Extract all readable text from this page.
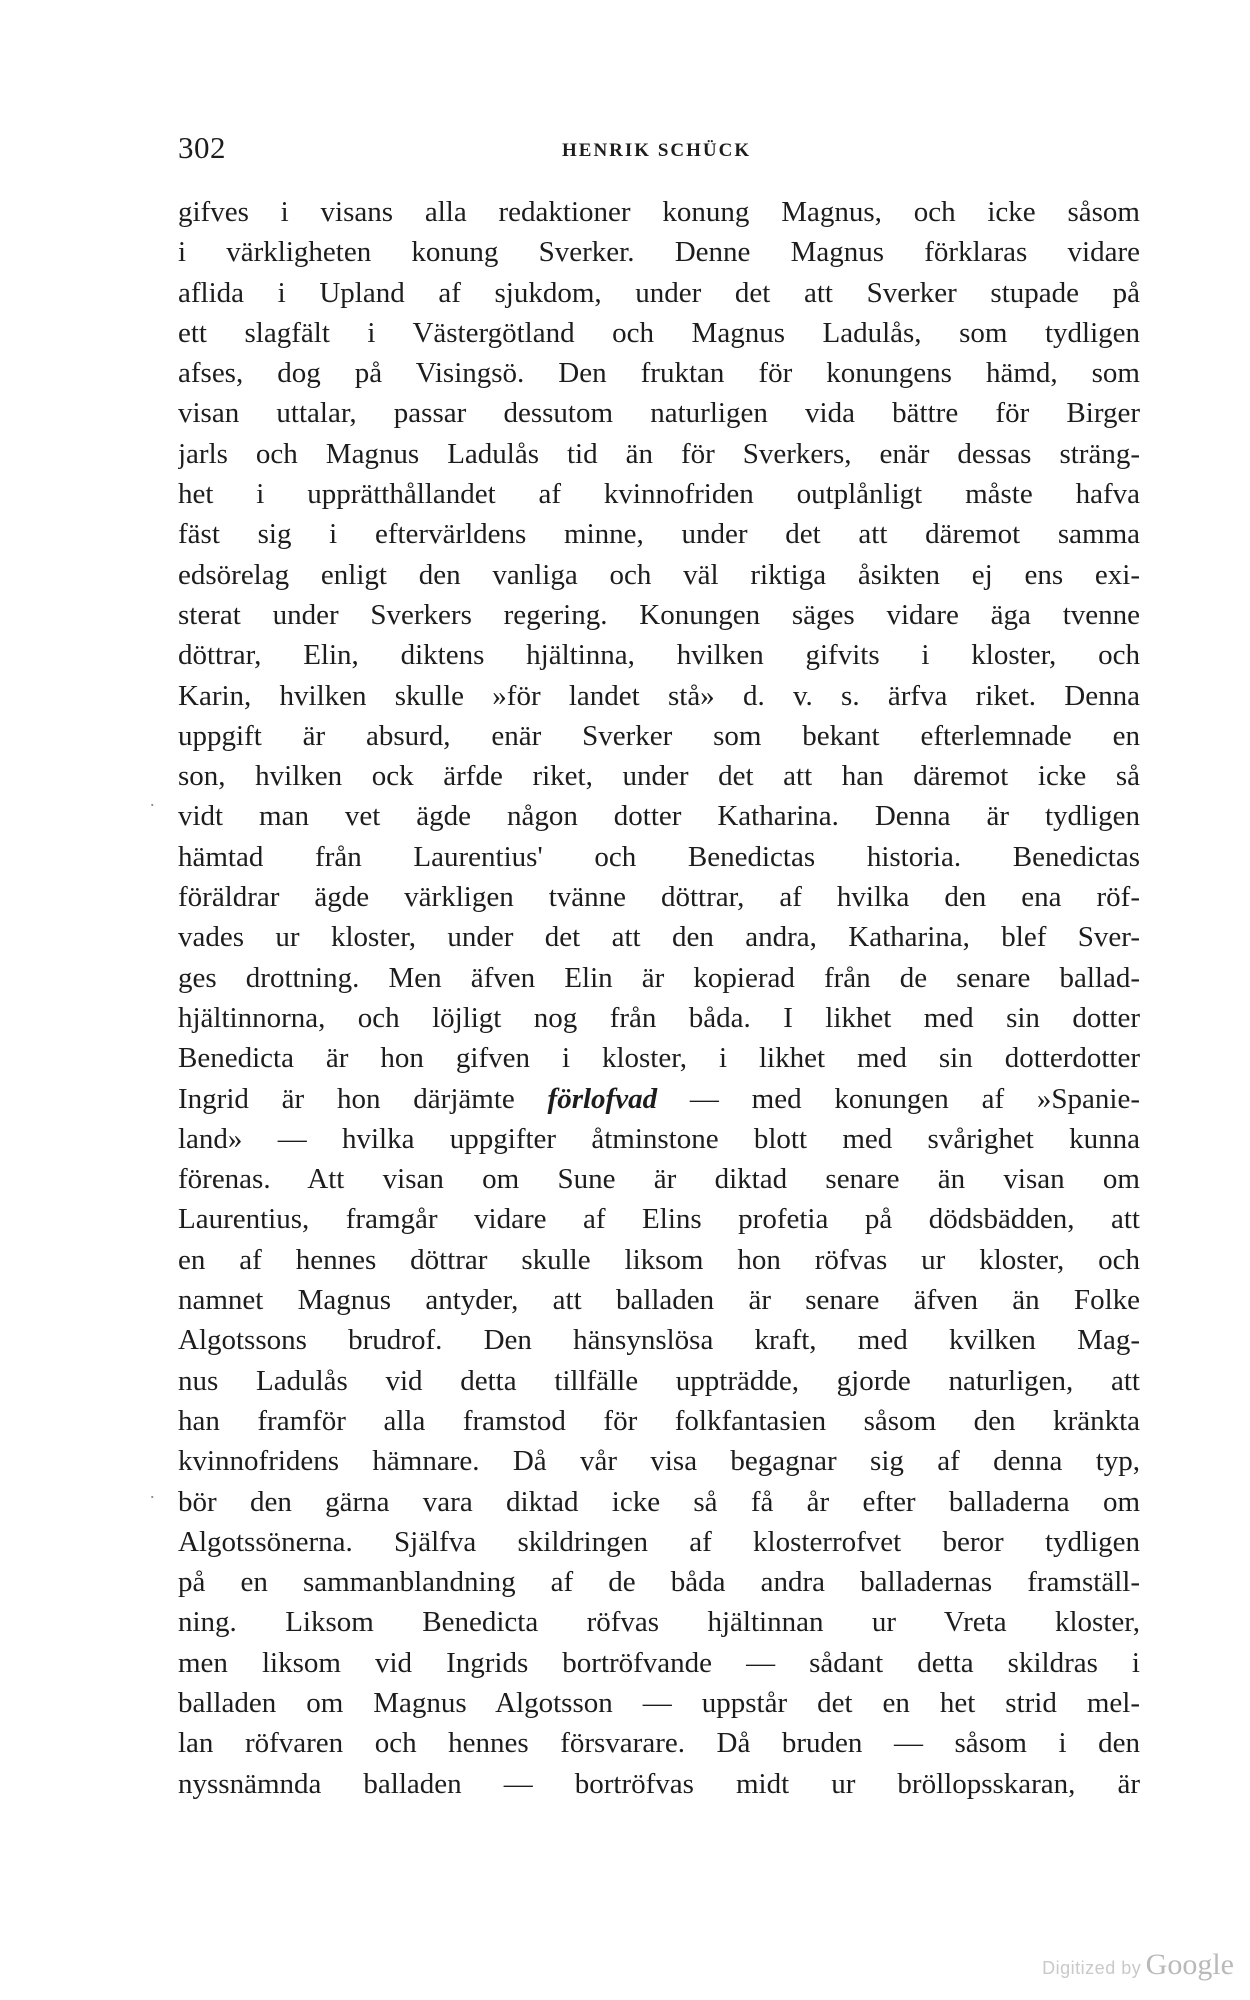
302	HENRIK SCHÜCK
gifves i visans alla redaktioner konung Magnus, och icke såsom
i värkligheten konung Sverker. Denne Magnus förklaras vidare
aflida i Upland af sjukdom, under det att Sverker stupade på
ett slagfält i Västergötland och Magnus Ladulås, som tydligen
afses, dog på Visingsö. Den fruktan för konungens hämd, som
visan uttalar, passar dessutom naturligen vida bättre för Birger
jarls och Magnus Ladulås tid än för Sverkers, enär dessas sträng-
het i upprätthållandet af kvinnofriden outplånligt måste hafva
fäst sig i eftervärldens minne, under det att däremot samma
edsörelag enligt den vanliga och väl riktiga åsikten ej ens exi-
sterat under Sverkers regering. Konungen säges vidare äga tvenne
döttrar, Elin, diktens hjältinna, hvilken gifvits i kloster, och
Karin, hvilken skulle »för landet stå» d. v. s. ärfva riket. Denna
uppgift är absurd, enär Sverker som bekant efterlemnade en
son, hvilken ock ärfde riket, under det att han däremot icke så
vidt man vet ägde någon dotter Katharina. Denna är tydligen
hämtad från Laurentius' och Benedictas historia. Benedictas
föräldrar ägde värkligen tvänne döttrar, af hvilka den ena röf-
vades ur kloster, under det att den andra, Katharina, blef Sver-
ges drottning. Men äfven Elin är kopierad från de senare ballad-
hjältinnorna, och löjligt nog från båda. I likhet med sin dotter
Benedicta är hon gifven i kloster, i likhet med sin dotterdotter
Ingrid är hon därjämte förlofvad — med konungen af »Spanie-
land» — hvilka uppgifter åtminstone blott med svårighet kunna
förenas. Att visan om Sune är diktad senare än visan om
Laurentius, framgår vidare af Elins profetia på dödsbädden, att
en af hennes döttrar skulle liksom hon röfvas ur kloster, och
namnet Magnus antyder, att balladen är senare äfven än Folke
Algotssons brudrof. Den hänsynslösa kraft, med kvilken Mag-
nus Ladulås vid detta tillfälle uppträdde, gjorde naturligen, att
han framför alla framstod för folkfantasien såsom den kränkta
kvinnofridens hämnare. Då vår visa begagnar sig af denna typ,
bör den gärna vara diktad icke så få år efter balladerna om
Algotssönerna. Själfva skildringen af klosterrofvet beror tydligen
på en sammanblandning af de båda andra balladernas framställ-
ning. Liksom Benedicta röfvas hjältinnan ur Vreta kloster,
men liksom vid Ingrids bortröfvande — sådant detta skildras i
balladen om Magnus Algotsson — uppstår det en het strid mel-
lan röfvaren och hennes försvarare. Då bruden — såsom i den
nyssnämnda balladen — bortröfvas midt ur bröllopsskaran, är
.
.
Digitized by Google
